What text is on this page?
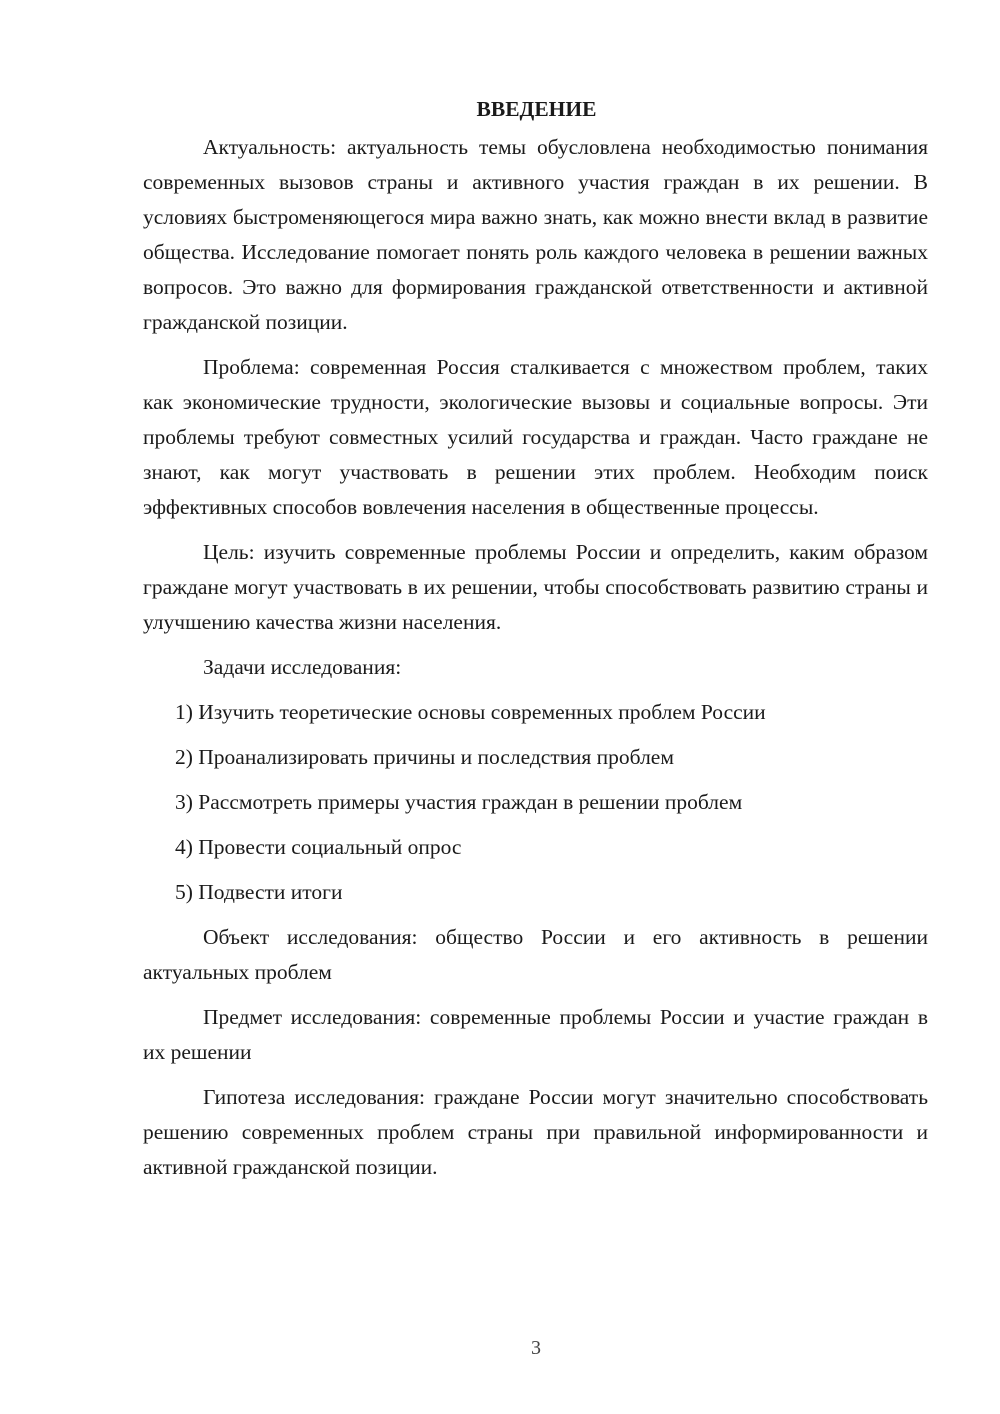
ВВЕДЕНИЕ

Актуальность: актуальность темы обусловлена необходимостью понимания современных вызовов страны и активного участия граждан в их решении. В условиях быстроменяющегося мира важно знать, как можно внести вклад в развитие общества. Исследование помогает понять роль каждого человека в решении важных вопросов. Это важно для формирования гражданской ответственности и активной гражданской позиции.

Проблема: современная Россия сталкивается с множеством проблем, таких как экономические трудности, экологические вызовы и социальные вопросы. Эти проблемы требуют совместных усилий государства и граждан. Часто граждане не знают, как могут участвовать в решении этих проблем. Необходим поиск эффективных способов вовлечения населения в общественные процессы.

Цель: изучить современные проблемы России и определить, каким образом граждане могут участвовать в их решении, чтобы способствовать развитию страны и улучшению качества жизни населения.

Задачи исследования:

1) Изучить теоретические основы современных проблем России
2) Проанализировать причины и последствия проблем
3) Рассмотреть примеры участия граждан в решении проблем
4) Провести социальный опрос
5) Подвести итоги

Объект исследования: общество России и его активность в решении актуальных проблем

Предмет исследования: современные проблемы России и участие граждан в их решении

Гипотеза исследования: граждане России могут значительно способствовать решению современных проблем страны при правильной информированности и активной гражданской позиции.

3
